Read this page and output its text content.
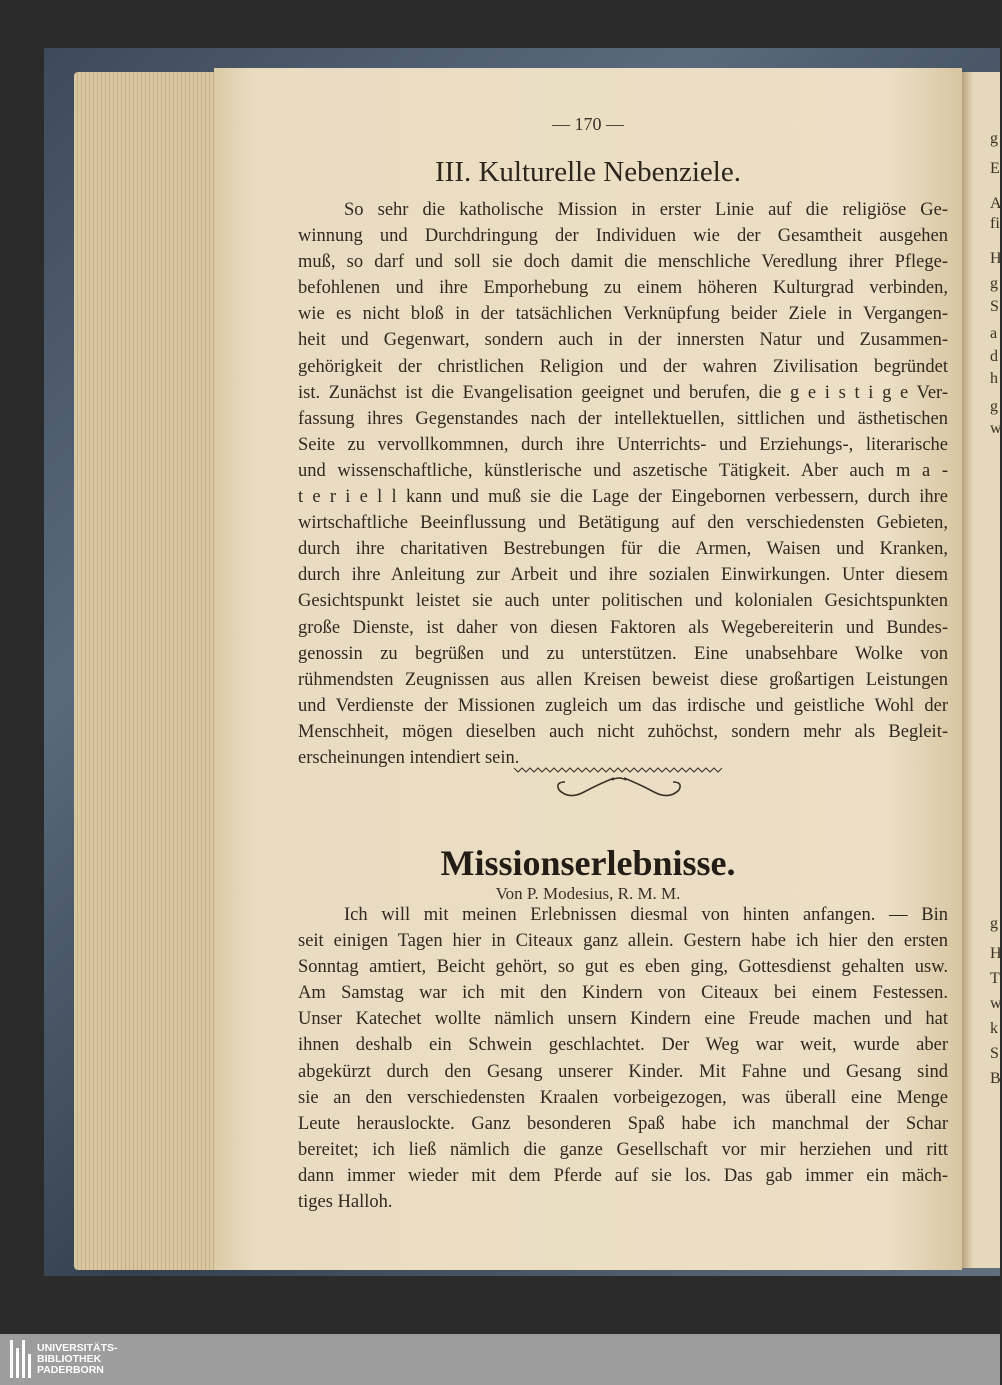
— 170 —
III. Kulturelle Nebenziele.
So sehr die katholische Mission in erster Linie auf die religiöse Ge-
winnung und Durchdringung der Individuen wie der Gesamtheit ausgehen
muß, so darf und soll sie doch damit die menschliche Veredlung ihrer Pflege-
befohlenen und ihre Emporhebung zu einem höheren Kulturgrad verbinden,
wie es nicht bloß in der tatsächlichen Verknüpfung beider Ziele in Vergangen-
heit und Gegenwart, sondern auch in der innersten Natur und Zusammen-
gehörigkeit der christlichen Religion und der wahren Zivilisation begründet
ist. Zunächst ist die Evangelisation geeignet und berufen, die g e i s t i g e Ver-
fassung ihres Gegenstandes nach der intellektuellen, sittlichen und ästhetischen
Seite zu vervollkommnen, durch ihre Unterrichts- und Erziehungs-, literarische
und wissenschaftliche, künstlerische und aszetische Tätigkeit. Aber auch m a -
t e r i e l l kann und muß sie die Lage der Eingebornen verbessern, durch ihre
wirtschaftliche Beeinflussung und Betätigung auf den verschiedensten Gebieten,
durch ihre charitativen Bestrebungen für die Armen, Waisen und Kranken,
durch ihre Anleitung zur Arbeit und ihre sozialen Einwirkungen. Unter diesem
Gesichtspunkt leistet sie auch unter politischen und kolonialen Gesichtspunkten
große Dienste, ist daher von diesen Faktoren als Wegebereiterin und Bundes-
genossin zu begrüßen und zu unterstützen. Eine unabsehbare Wolke von
rühmendsten Zeugnissen aus allen Kreisen beweist diese großartigen Leistungen
und Verdienste der Missionen zugleich um das irdische und geistliche Wohl der
Menschheit, mögen dieselben auch nicht zuhöchst, sondern mehr als Begleit-
erscheinungen intendiert sein.
Missionserlebnisse.
Von P. Modesius, R. M. M.
Ich will mit meinen Erlebnissen diesmal von hinten anfangen. — Bin
seit einigen Tagen hier in Citeaux ganz allein. Gestern habe ich hier den ersten
Sonntag amtiert, Beicht gehört, so gut es eben ging, Gottesdienst gehalten usw.
Am Samstag war ich mit den Kindern von Citeaux bei einem Festessen.
Unser Katechet wollte nämlich unsern Kindern eine Freude machen und hat
ihnen deshalb ein Schwein geschlachtet. Der Weg war weit, wurde aber
abgekürzt durch den Gesang unserer Kinder. Mit Fahne und Gesang sind
sie an den verschiedensten Kraalen vorbeigezogen, was überall eine Menge
Leute herauslockte. Ganz besonderen Spaß habe ich manchmal der Schar
bereitet; ich ließ nämlich die ganze Gesellschaft vor mir herziehen und ritt
dann immer wieder mit dem Pferde auf sie los. Das gab immer ein mäch-
tiges Halloh.
g
E
A
fi
H
g
S
a
d
h
g
w
g
H
T
w
k
S
B
UNIVERSITÄTS-
BIBLIOTHEK
PADERBORN
